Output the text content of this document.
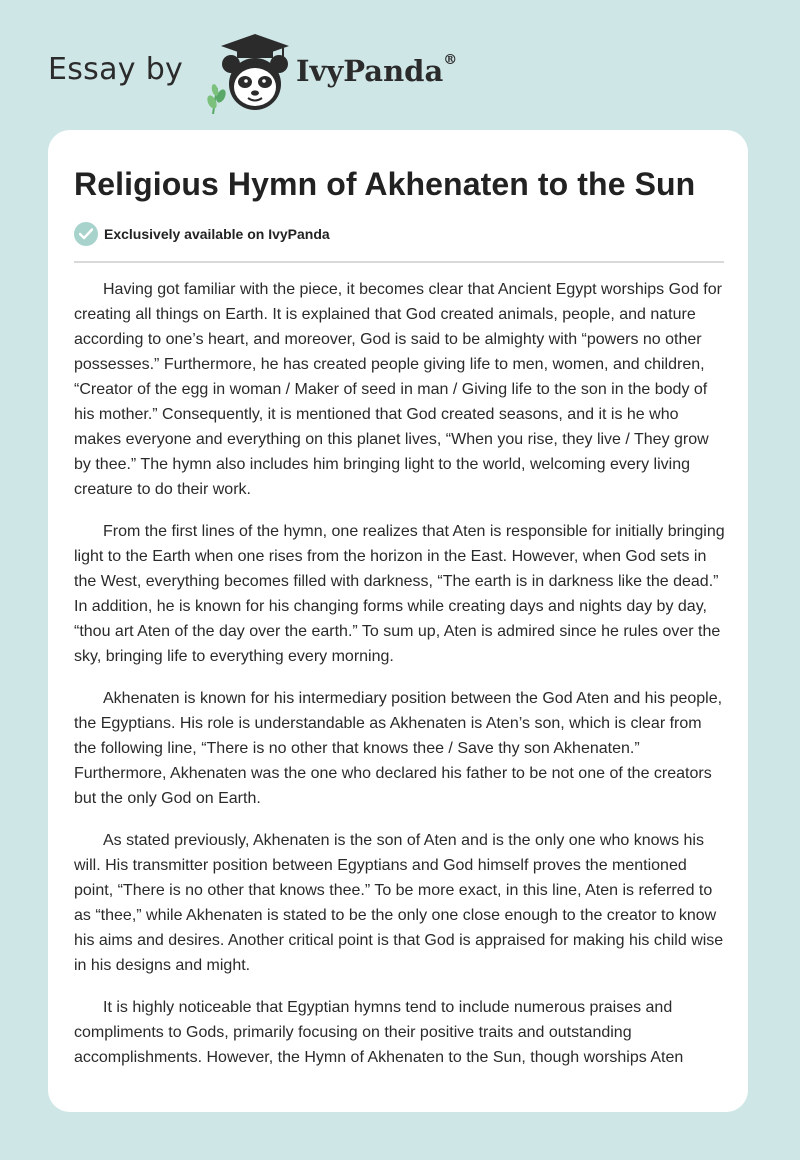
Essay by	IvyPanda®
Religious Hymn of Akhenaten to the Sun
Exclusively available on IvyPanda

Having got familiar with the piece, it becomes clear that Ancient Egypt worships God for creating all things on Earth. It is explained that God created animals, people, and nature according to one’s heart, and moreover, God is said to be almighty with “powers no other possesses.” Furthermore, he has created people giving life to men, women, and children, “Creator of the egg in woman / Maker of seed in man / Giving life to the son in the body of his mother.” Consequently, it is mentioned that God created seasons, and it is he who makes everyone and everything on this planet lives, “When you rise, they live / They grow by thee.” The hymn also includes him bringing light to the world, welcoming every living creature to do their work.

From the first lines of the hymn, one realizes that Aten is responsible for initially bringing light to the Earth when one rises from the horizon in the East. However, when God sets in the West, everything becomes filled with darkness, “The earth is in darkness like the dead.” In addition, he is known for his changing forms while creating days and nights day by day, “thou art Aten of the day over the earth.” To sum up, Aten is admired since he rules over the sky, bringing life to everything every morning.

Akhenaten is known for his intermediary position between the God Aten and his people, the Egyptians. His role is understandable as Akhenaten is Aten’s son, which is clear from the following line, “There is no other that knows thee / Save thy son Akhenaten.” Furthermore, Akhenaten was the one who declared his father to be not one of the creators but the only God on Earth.

As stated previously, Akhenaten is the son of Aten and is the only one who knows his will. His transmitter position between Egyptians and God himself proves the mentioned point, “There is no other that knows thee.” To be more exact, in this line, Aten is referred to as “thee,” while Akhenaten is stated to be the only one close enough to the creator to know his aims and desires. Another critical point is that God is appraised for making his child wise in his designs and might.

It is highly noticeable that Egyptian hymns tend to include numerous praises and compliments to Gods, primarily focusing on their positive traits and outstanding accomplishments. However, the Hymn of Akhenaten to the Sun, though worships Aten
